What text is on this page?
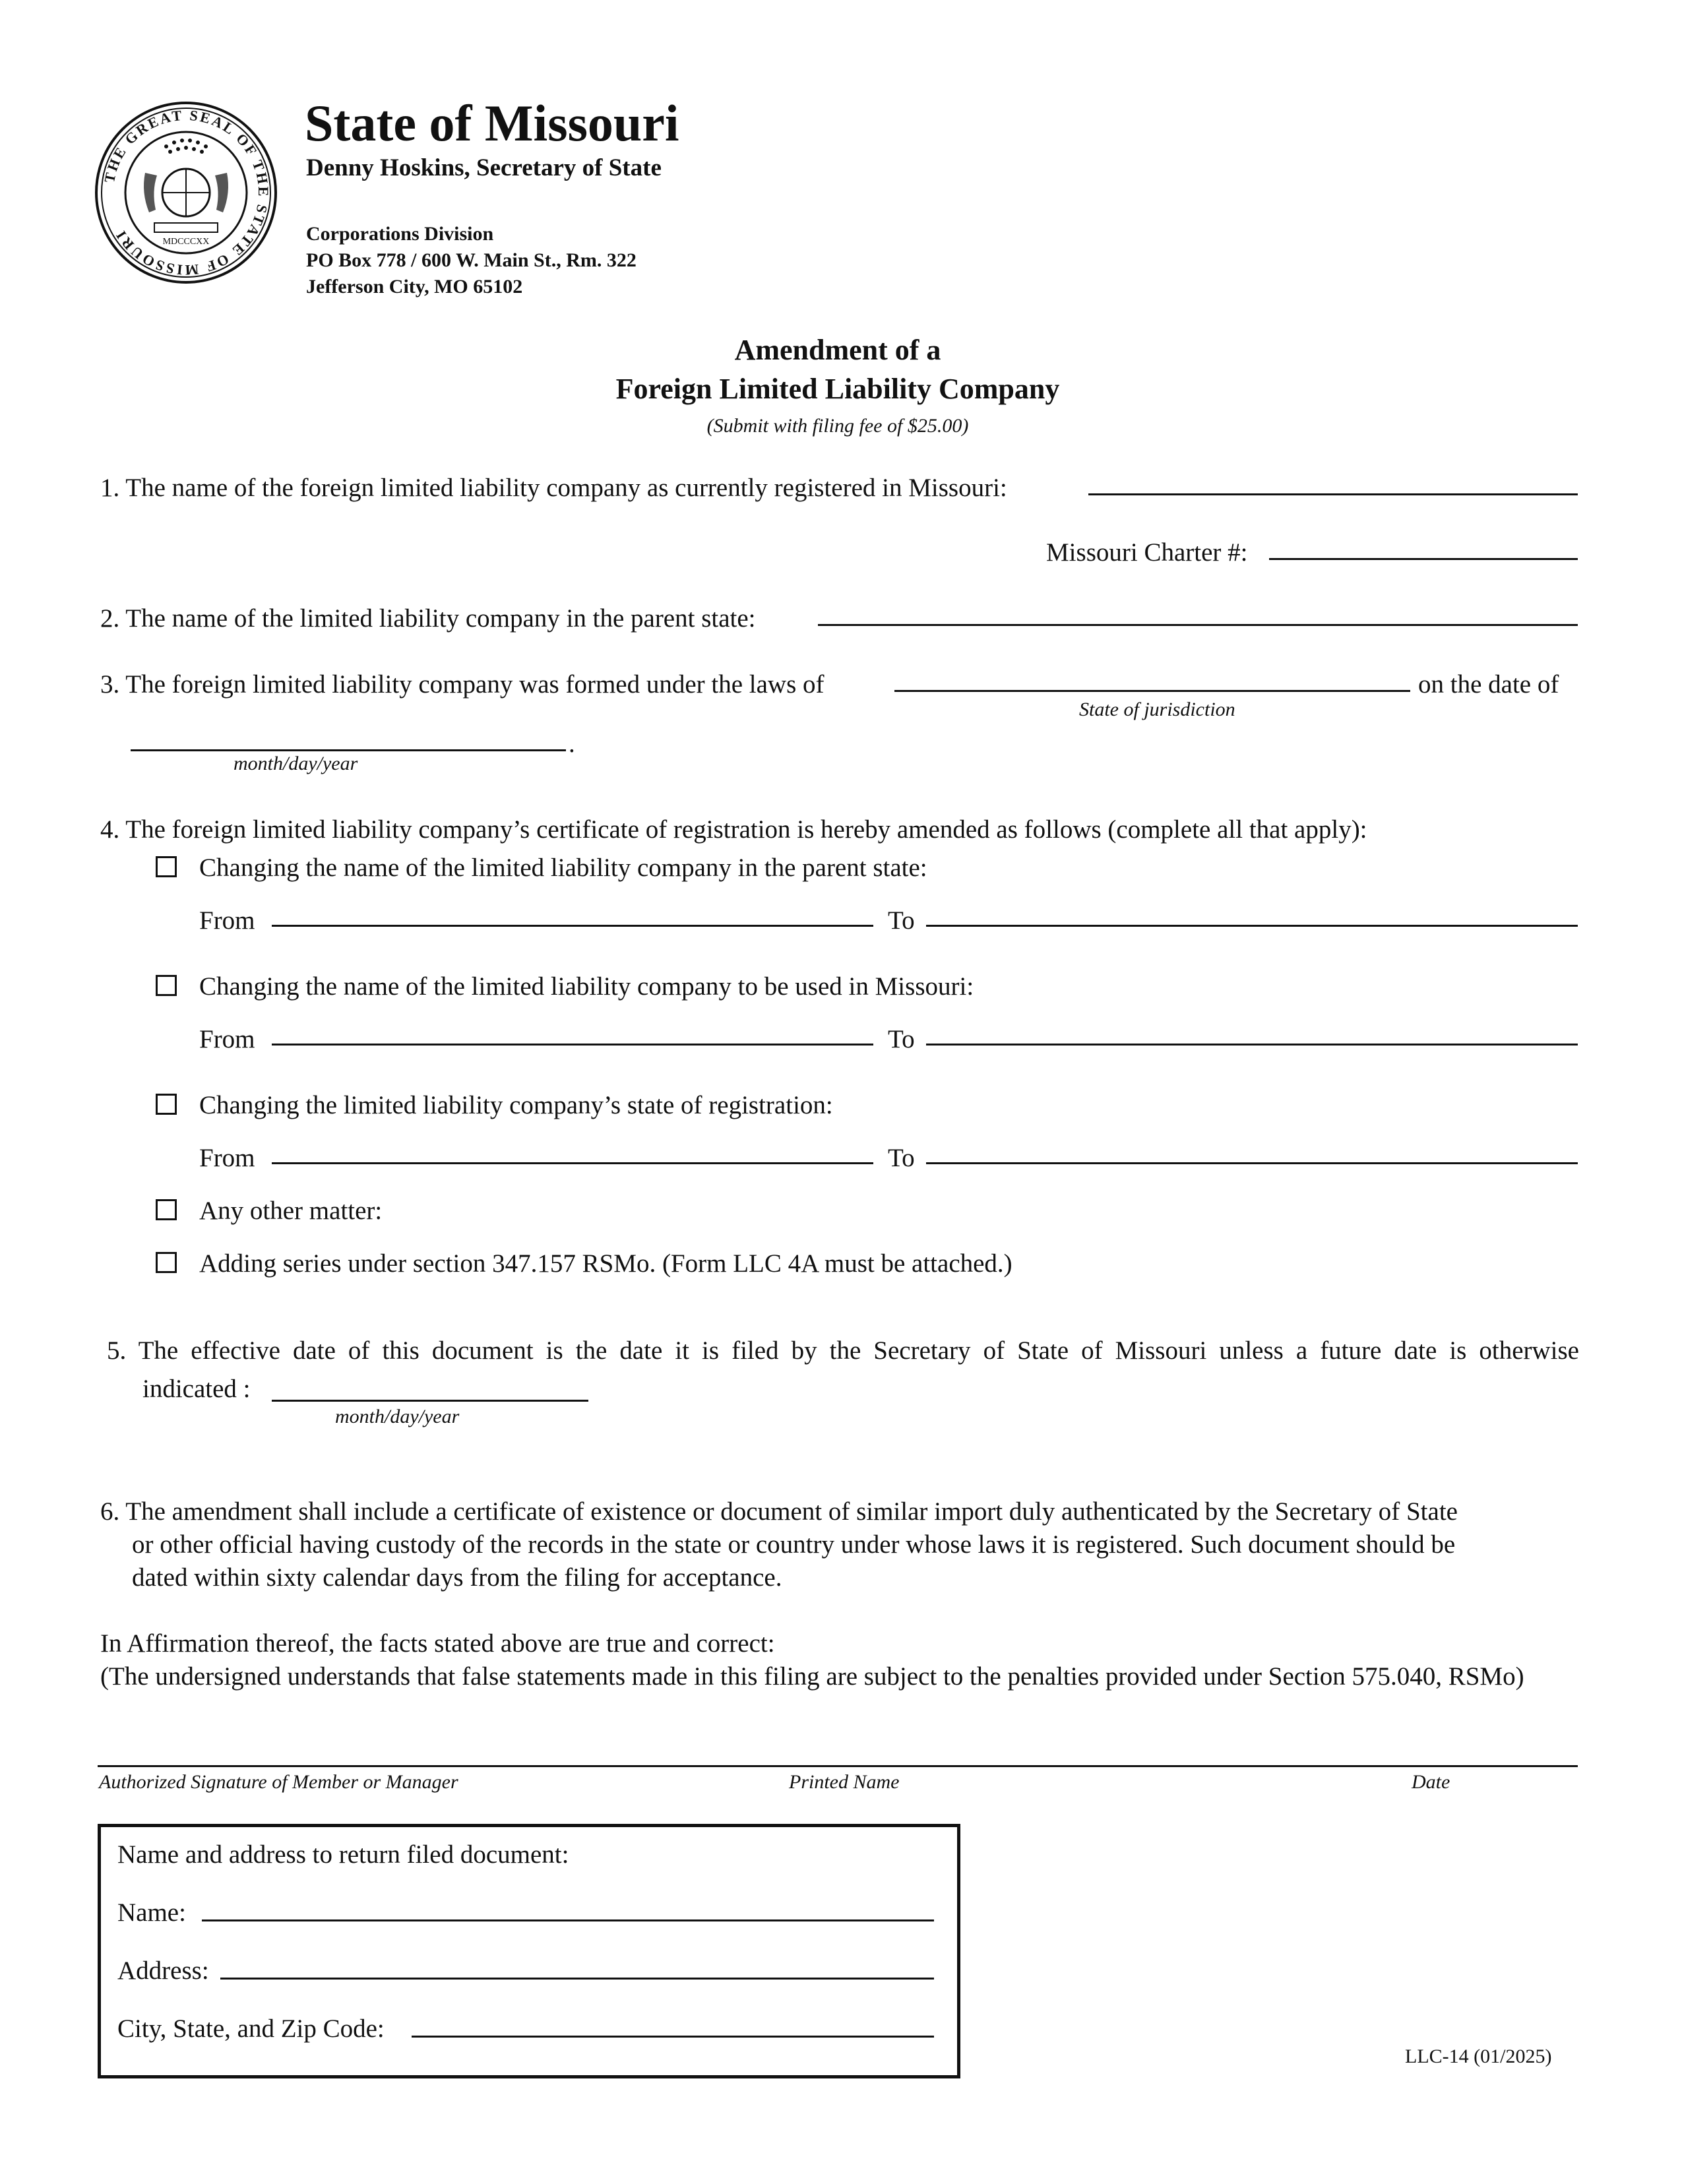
THE GREAT SEAL OF THE STATE OF MISSOURI
MDCCCXX
State of Missouri
Denny Hoskins, Secretary of State
Corporations Division
PO Box 778 / 600 W. Main St., Rm. 322
Jefferson City, MO 65102
Amendment of a
Foreign Limited Liability Company
(Submit with filing fee of $25.00)
1. The name of the foreign limited liability company as currently registered in Missouri:
Missouri Charter #:
2. The name of the limited liability company in the parent state:
3. The foreign limited liability company was formed under the laws of	on the date of
State of jurisdiction
.
month/day/year
4. The foreign limited liability company’s certificate of registration is hereby amended as follows (complete all that apply):
Changing the name of the limited liability company in the parent state:
From	To
Changing the name of the limited liability company to be used in Missouri:
From	To
Changing the limited liability company’s state of registration:
From	To
Any other matter:
Adding series under section 347.157 RSMo. (Form LLC 4A must be attached.)
5. The effective date of this document is the date it is filed by the Secretary of State of Missouri unless a future date is otherwise
indicated :
month/day/year
6. The amendment shall include a certificate of existence or document of similar import duly authenticated by the Secretary of State
or other official having custody of the records in the state or country under whose laws it is registered. Such document should be
dated within sixty calendar days from the filing for acceptance.
In Affirmation thereof, the facts stated above are true and correct:
(The undersigned understands that false statements made in this filing are subject to the penalties provided under Section 575.040, RSMo)
Authorized Signature of Member or Manager	Printed Name	Date
Name and address to return filed document:
Name:
Address:
City, State, and Zip Code:
LLC-14 (01/2025)
